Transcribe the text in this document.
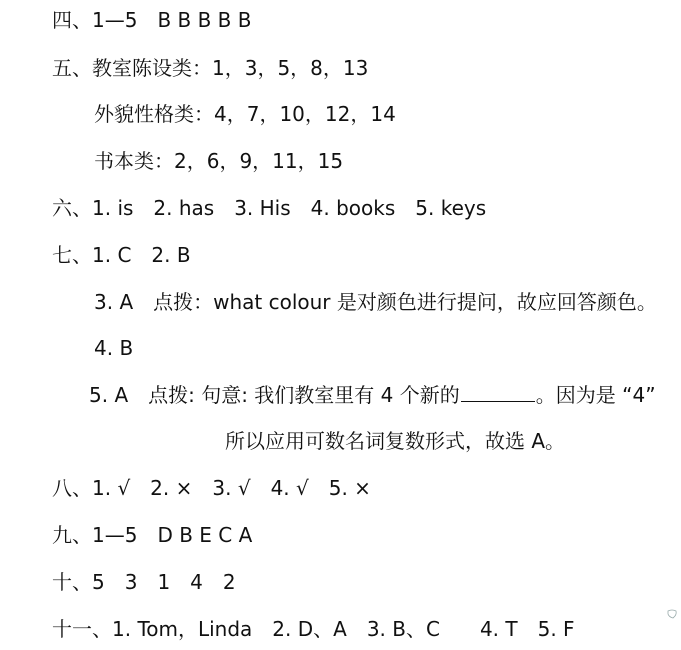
四、1—5　B B B B B
五、教室陈设类：1，3，5，8，13
外貌性格类：4，7，10，12，14
书本类：2，6，9，11，15
六、1. is　2. has　3. His　4. books　5. keys
七、1. C　2. B
3. A　点拨：what colour 是对颜色进行提问，故应回答颜色。
4. B
5. A　点拨: 句意: 我们教室里有 4 个新的	。因为是 “4”
所以应用可数名词复数形式，故选 A。
八、1. √　2. ×　3. √　4. √　5. ×
九、1—5　D B E C A
十、5　3　1　4　2
十一、1. Tom，Linda　2. D、A　3. B、C　　4. T　5. F
